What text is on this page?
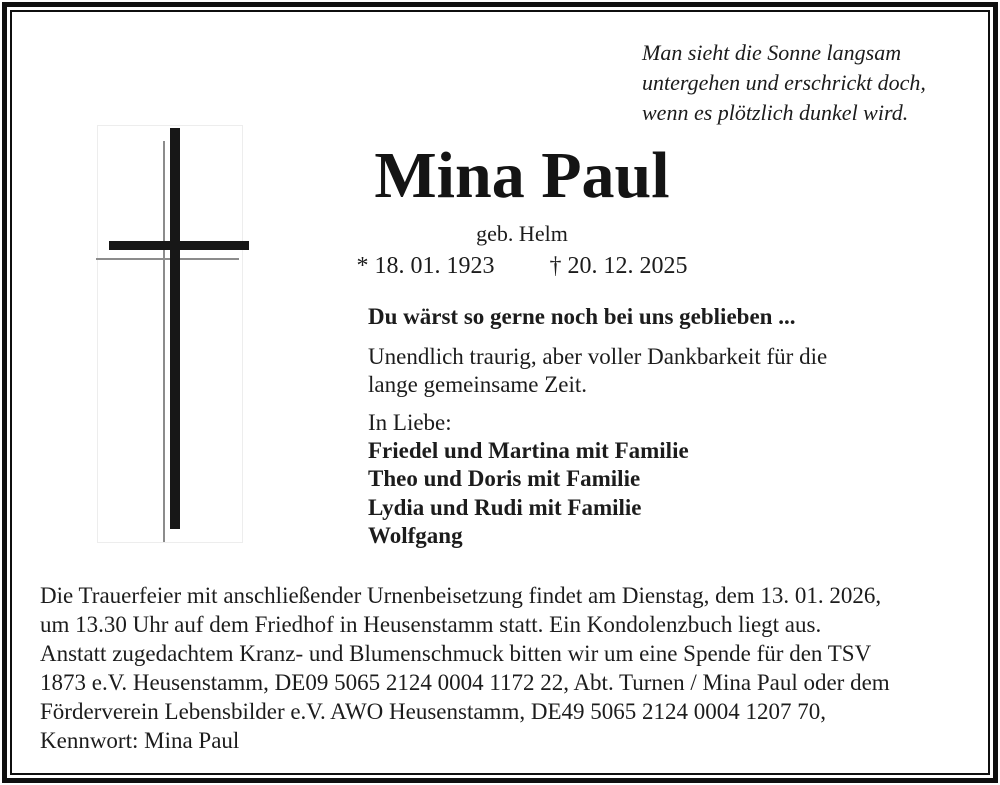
Man sieht die Sonne langsam
untergehen und erschrickt doch,
wenn es plötzlich dunkel wird.
Mina Paul
geb. Helm
* 18. 01. 1923 † 20. 12. 2025
Du wärst so gerne noch bei uns geblieben ...
Unendlich traurig, aber voller Dankbarkeit für die
lange gemeinsame Zeit.
In Liebe:
Friedel und Martina mit Familie
Theo und Doris mit Familie
Lydia und Rudi mit Familie
Wolfgang
Die Trauerfeier mit anschließender Urnenbeisetzung findet am Dienstag, dem 13. 01. 2026,
um 13.30 Uhr auf dem Friedhof in Heusenstamm statt. Ein Kondolenzbuch liegt aus.
Anstatt zugedachtem Kranz- und Blumenschmuck bitten wir um eine Spende für den TSV
1873 e.V. Heusenstamm, DE09 5065 2124 0004 1172 22, Abt. Turnen / Mina Paul oder dem
Förderverein Lebensbilder e.V. AWO Heusenstamm, DE49 5065 2124 0004 1207 70,
Kennwort: Mina Paul
